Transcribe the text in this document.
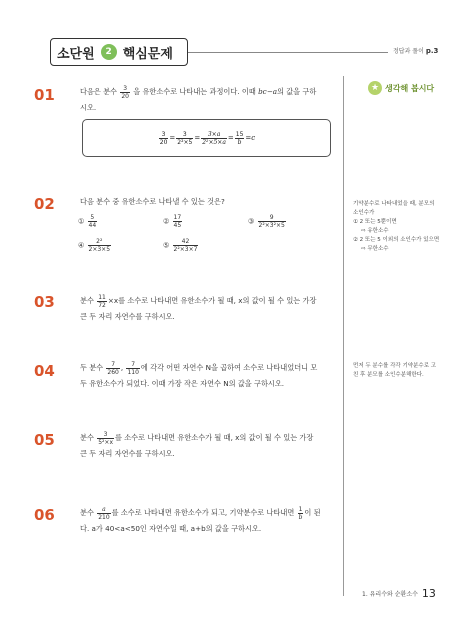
소단원	2 핵심문제	정답과 풀이 p.3
★ 생각해 봅시다
기약분수로 나타내었을 때, 분모의
소인수가
① 2 또는 5뿐이면
⇨ 유한소수
② 2 또는 5 이외의 소인수가 있으면
⇨ 무한소수
먼저 두 분수를 각각 기약분수로 고
친 후 분모를 소인수분해한다.
01	다음은 분수 $\frac{3}{20}$ 을 유한소수로 나타내는 과정이다. 이때 bc−a의 값을 구하
시오.
$\frac{3}{20} = \frac{3}{\text{2²×5}} = \frac{3\times a}{\text{2²×5×a}} = \frac{15}{b} =c$
02	다음 분수 중 유한소수로 나타낼 수 있는 것은?
① $\frac{5}{44}$	② $\frac{17}{45}$	③ $\frac{9}{\text{2²×3²×5}}$
④ $\frac{\text{2²}}{2\times 3\times 5}$	⑤ $\frac{42}{\text{2²×3×7}}$
03	분수 $\frac{11}{72} \times x$를 소수로 나타내면 유한소수가 될 때, x의 값이 될 수 있는 가장
큰 두 자리 자연수를 구하시오.
04	두 분수 $\frac{7}{260}$ , $\frac{7}{110}$ 에 각각 어떤 자연수 N을 곱하여 소수로 나타내었더니 모
두 유한소수가 되었다. 이때 가장 작은 자연수 N의 값을 구하시오.
05	분수 $\frac{3}{\text{5²×x}}$ 를 소수로 나타내면 유한소수가 될 때, x의 값이 될 수 있는 가장
큰 두 자리 자연수를 구하시오.
06	분수 $\frac{a}{210}$ 를 소수로 나타내면 유한소수가 되고, 기약분수로 나타내면 $\frac{1}{b}$ 이 된
다. a가 40<a<50인 자연수일 때, a+b의 값을 구하시오.
1. 유리수와 순환소수 13
